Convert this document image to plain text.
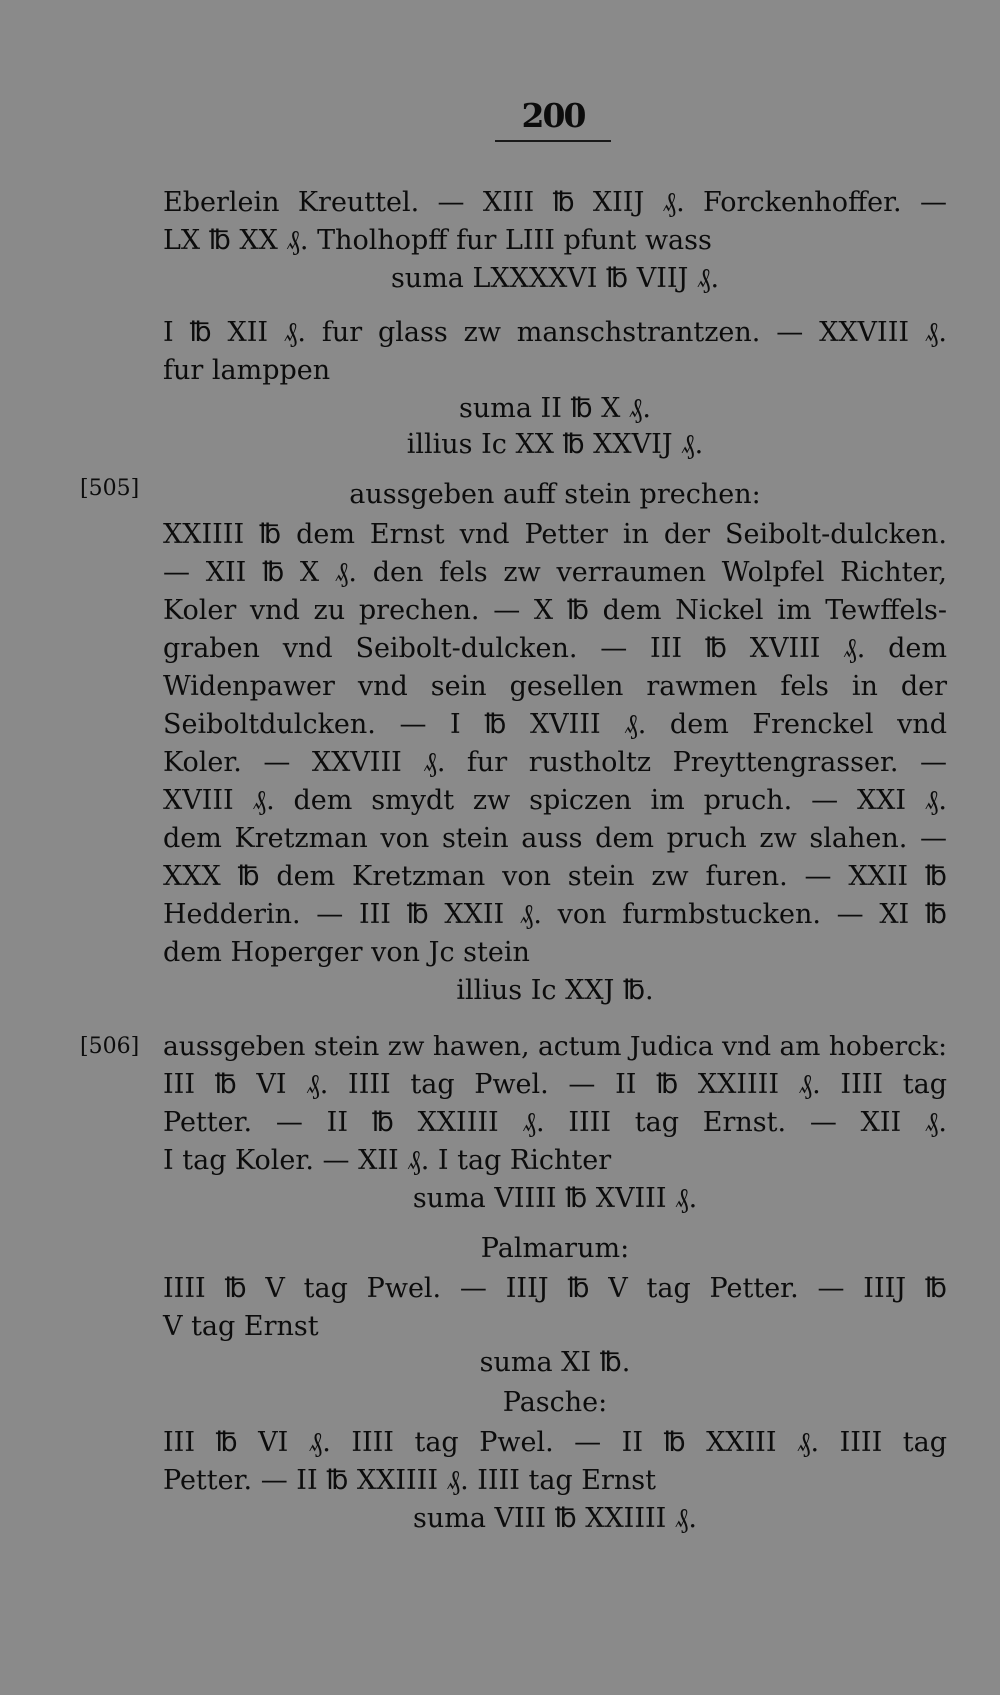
200
[505]
[506]
Eberlein Kreuttel. — XIII ℔ XIIJ ₰. Forckenhoffer. —
LX ℔ XX ₰. Tholhopff fur LIII pfunt wass
suma LXXXXVI ℔ VIIJ ₰.
I ℔ XII ₰. fur glass zw manschstrantzen. — XXVIII ₰.
fur lamppen
suma II ℔ X ₰.
illius Ic XX ℔ XXVIJ ₰.
aussgeben auff stein prechen:
XXIIII ℔ dem Ernst vnd Petter in der Seibolt-dulcken.
— XII ℔ X ₰. den fels zw verraumen Wolpfel Richter,
Koler vnd zu prechen. — X ℔ dem Nickel im Tewffels-
graben vnd Seibolt-dulcken. — III ℔ XVIII ₰. dem
Widenpawer vnd sein gesellen rawmen fels in der
Seiboltdulcken. — I ℔ XVIII ₰. dem Frenckel vnd
Koler. — XXVIII ₰. fur rustholtz Preyttengrasser. —
XVIII ₰. dem smydt zw spiczen im pruch. — XXI ₰.
dem Kretzman von stein auss dem pruch zw slahen. —
XXX ℔ dem Kretzman von stein zw furen. — XXII ℔
Hedderin. — III ℔ XXII ₰. von furmbstucken. — XI ℔
dem Hoperger von Jc stein
illius Ic XXJ ℔.
aussgeben stein zw hawen, actum Judica vnd am hoberck:
III ℔ VI ₰. IIII tag Pwel. — II ℔ XXIIII ₰. IIII tag
Petter. — II ℔ XXIIII ₰. IIII tag Ernst. — XII ₰.
I tag Koler. — XII ₰. I tag Richter
suma VIIII ℔ XVIII ₰.
Palmarum:
IIII ℔ V tag Pwel. — IIIJ ℔ V tag Petter. — IIIJ ℔
V tag Ernst
suma XI ℔.
Pasche:
III ℔ VI ₰. IIII tag Pwel. — II ℔ XXIII ₰. IIII tag
Petter. — II ℔ XXIIII ₰. IIII tag Ernst
suma VIII ℔ XXIIII ₰.
